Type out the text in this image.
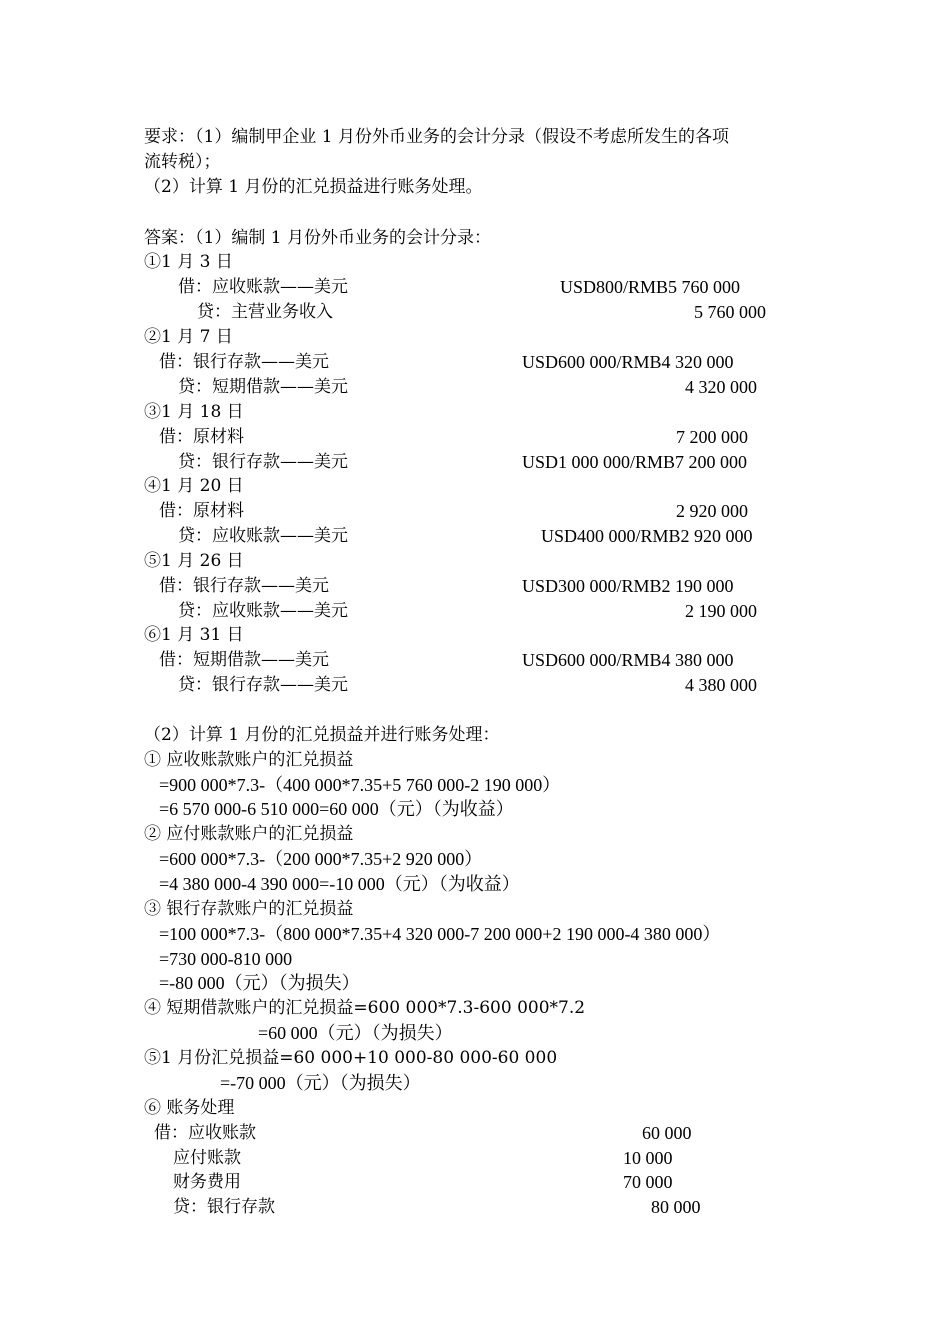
要求：（1）编制甲企业 1 月份外币业务的会计分录（假设不考虑所发生的各项
流转税）；
（2）计算 1 月份的汇兑损益进行账务处理。
答案：（1）编制 1 月份外币业务的会计分录：
①1 月 3 日
借：应收账款——美元	USD800/RMB5 760 000
贷：主营业务收入	5 760 000
②1 月 7 日
借：银行存款——美元	USD600 000/RMB4 320 000
贷：短期借款——美元	4 320 000
③1 月 18 日
借：原材料	7 200 000
贷：银行存款——美元	USD1 000 000/RMB7 200 000
④1 月 20 日
借：原材料	2 920 000
贷：应收账款——美元	USD400 000/RMB2 920 000
⑤1 月 26 日
借：银行存款——美元	USD300 000/RMB2 190 000
贷：应收账款——美元	2 190 000
⑥1 月 31 日
借：短期借款——美元	USD600 000/RMB4 380 000
贷：银行存款——美元	4 380 000
（2）计算 1 月份的汇兑损益并进行账务处理：
① 应收账款账户的汇兑损益
=900 000*7.3-（400 000*7.35+5 760 000-2 190 000）
=6 570 000-6 510 000=60 000（元）（为收益）
② 应付账款账户的汇兑损益
=600 000*7.3-（200 000*7.35+2 920 000）
=4 380 000-4 390 000=-10 000（元）（为收益）
③ 银行存款账户的汇兑损益
=100 000*7.3-（800 000*7.35+4 320 000-7 200 000+2 190 000-4 380 000）
=730 000-810 000
=-80 000（元）（为损失）
④ 短期借款账户的汇兑损益=600 000*7.3-600 000*7.2
=60 000（元）（为损失）
⑤1 月份汇兑损益=60 000+10 000-80 000-60 000
=-70 000（元）（为损失）
⑥ 账务处理
借：应收账款	60 000
应付账款	10 000
财务费用	70 000
贷：银行存款	80 000
